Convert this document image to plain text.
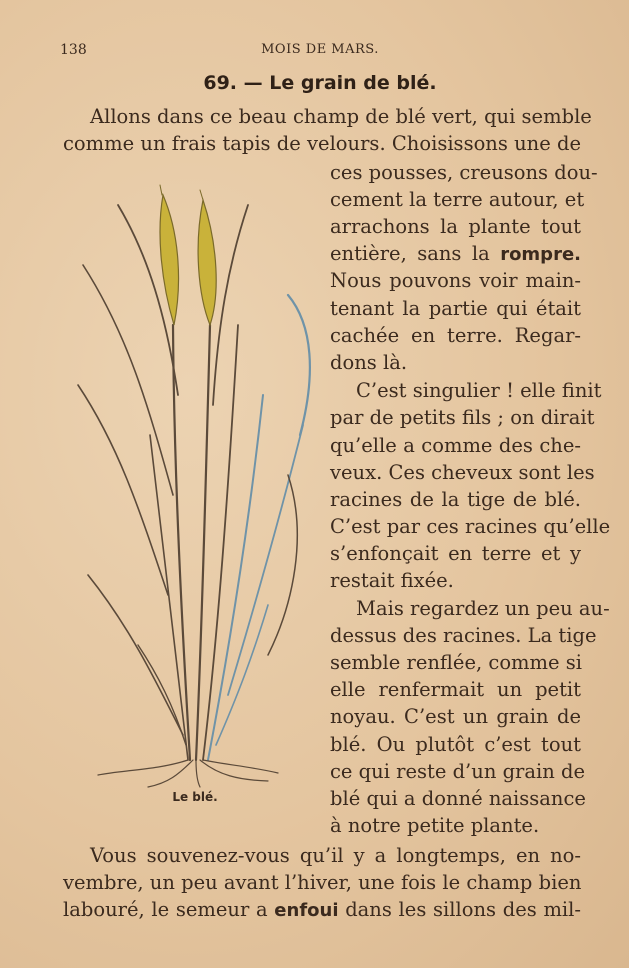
138	MOIS DE MARS.
69. — Le grain de blé.
Allons dans ce beau champ de blé vert, qui semble
comme un frais tapis de velours. Choisissons une de
ces pousses, creusons dou-
cement la terre autour, et
arrachons la plante tout
entière, sans la rompre.
Nous pouvons voir main-
tenant la partie qui était
cachée en terre. Regar-
dons là.
C’est singulier ! elle finit
par de petits fils ; on dirait
qu’elle a comme des che-
veux. Ces cheveux sont les
racines de la tige de blé.
C’est par ces racines qu’elle
s’enfonçait en terre et y
restait fixée.
Mais regardez un peu au-
dessus des racines. La tige
semble renflée, comme si
elle renfermait un petit
noyau. C’est un grain de
blé. Ou plutôt c’est tout
ce qui reste d’un grain de
blé qui a donné naissance
à notre petite plante.
Vous souvenez-vous qu’il y a longtemps, en no-
vembre, un peu avant l’hiver, une fois le champ bien
labouré, le semeur a enfoui dans les sillons des mil-
Le blé.
